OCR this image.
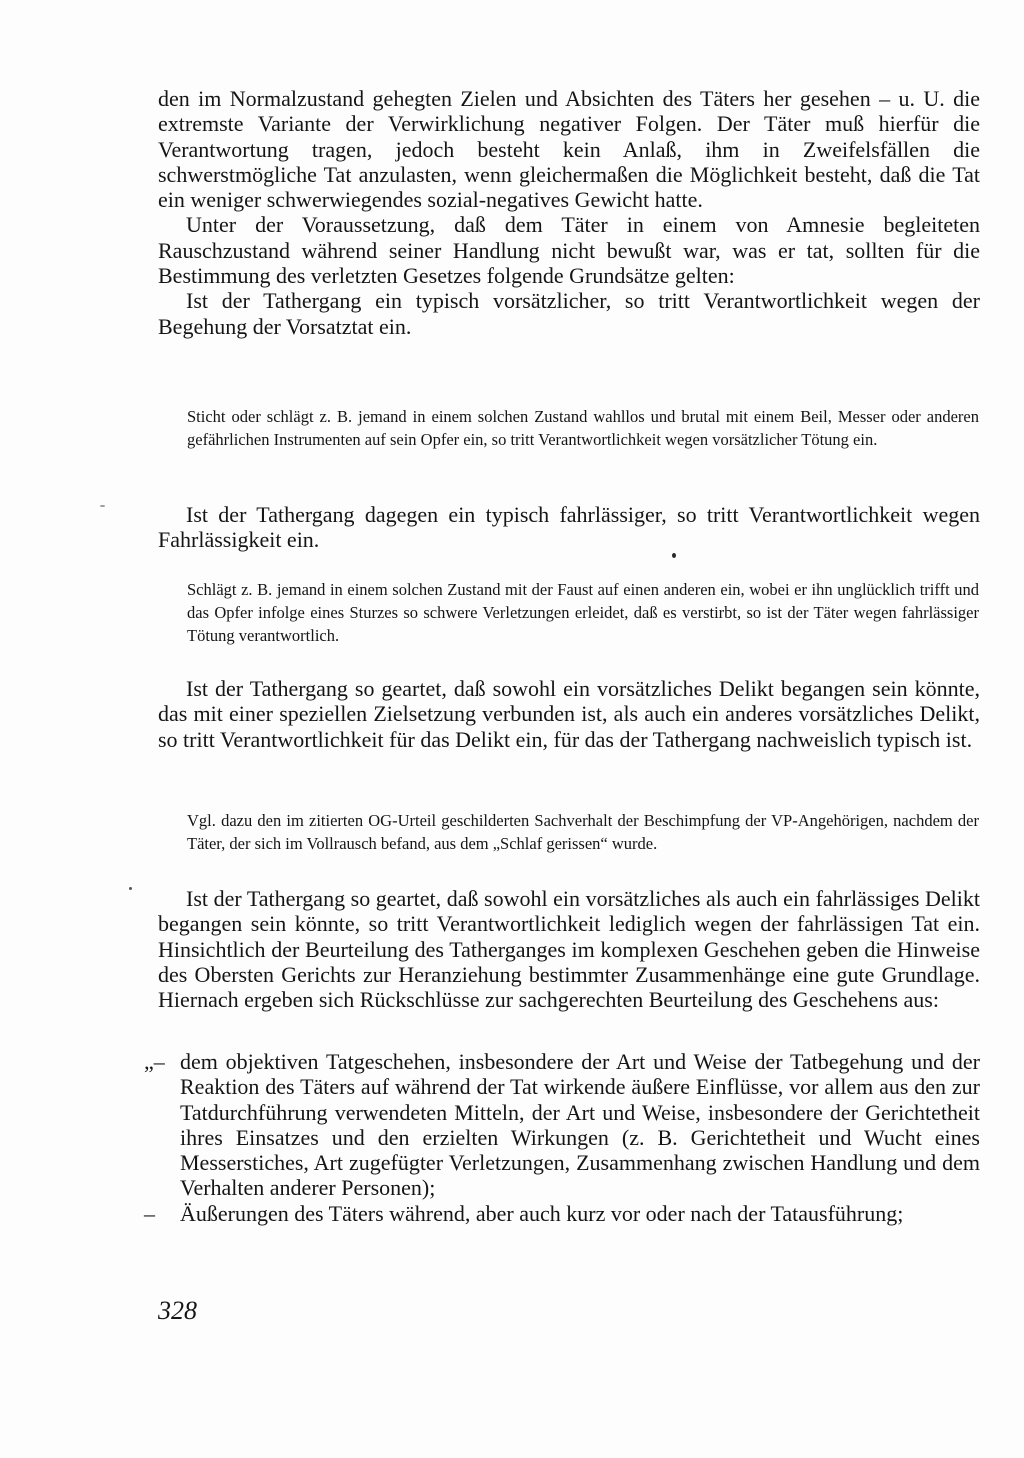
den im Normalzustand gehegten Zielen und Absichten des Täters her gesehen – u. U. die extremste Variante der Verwirklichung negativer Folgen. Der Täter muß hierfür die Verantwortung tragen, jedoch besteht kein Anlaß, ihm in Zweifelsfällen die schwerstmögliche Tat anzulasten, wenn gleichermaßen die Möglichkeit besteht, daß die Tat ein weniger schwerwiegendes sozial-negatives Gewicht hatte.

Unter der Voraussetzung, daß dem Täter in einem von Amnesie begleiteten Rauschzustand während seiner Handlung nicht bewußt war, was er tat, sollten für die Bestimmung des verletzten Gesetzes folgende Grundsätze gelten:

Ist der Tathergang ein typisch vorsätzlicher, so tritt Verantwortlichkeit wegen der Begehung der Vorsatztat ein.

Sticht oder schlägt z. B. jemand in einem solchen Zustand wahllos und brutal mit einem Beil, Messer oder anderen gefährlichen Instrumenten auf sein Opfer ein, so tritt Verantwortlichkeit wegen vorsätzlicher Tötung ein.

Ist der Tathergang dagegen ein typisch fahrlässiger, so tritt Verantwortlichkeit wegen Fahrlässigkeit ein.

Schlägt z. B. jemand in einem solchen Zustand mit der Faust auf einen anderen ein, wobei er ihn unglücklich trifft und das Opfer infolge eines Sturzes so schwere Verletzungen erleidet, daß es verstirbt, so ist der Täter wegen fahrlässiger Tötung verantwortlich.

Ist der Tathergang so geartet, daß sowohl ein vorsätzliches Delikt begangen sein könnte, das mit einer speziellen Zielsetzung verbunden ist, als auch ein anderes vorsätzliches Delikt, so tritt Verantwortlichkeit für das Delikt ein, für das der Tathergang nachweislich typisch ist.

Vgl. dazu den im zitierten OG-Urteil geschilderten Sachverhalt der Beschimpfung der VP-Angehörigen, nachdem der Täter, der sich im Vollrausch befand, aus dem „Schlaf gerissen“ wurde.

Ist der Tathergang so geartet, daß sowohl ein vorsätzliches als auch ein fahrlässiges Delikt begangen sein könnte, so tritt Verantwortlichkeit lediglich wegen der fahrlässigen Tat ein. Hinsichtlich der Beurteilung des Tatherganges im komplexen Geschehen geben die Hinweise des Obersten Gerichts zur Heranziehung bestimmter Zusammenhänge eine gute Grundlage. Hiernach ergeben sich Rückschlüsse zur sachgerechten Beurteilung des Geschehens aus:

„– dem objektiven Tatgeschehen, insbesondere der Art und Weise der Tatbegehung und der Reaktion des Täters auf während der Tat wirkende äußere Einflüsse, vor allem aus den zur Tatdurchführung verwendeten Mitteln, der Art und Weise, insbesondere der Gerichtetheit ihres Einsatzes und den erzielten Wirkungen (z. B. Gerichtetheit und Wucht eines Messerstiches, Art zugefügter Verletzungen, Zusammenhang zwischen Handlung und dem Verhalten anderer Personen);

– Äußerungen des Täters während, aber auch kurz vor oder nach der Tatausführung;

328
